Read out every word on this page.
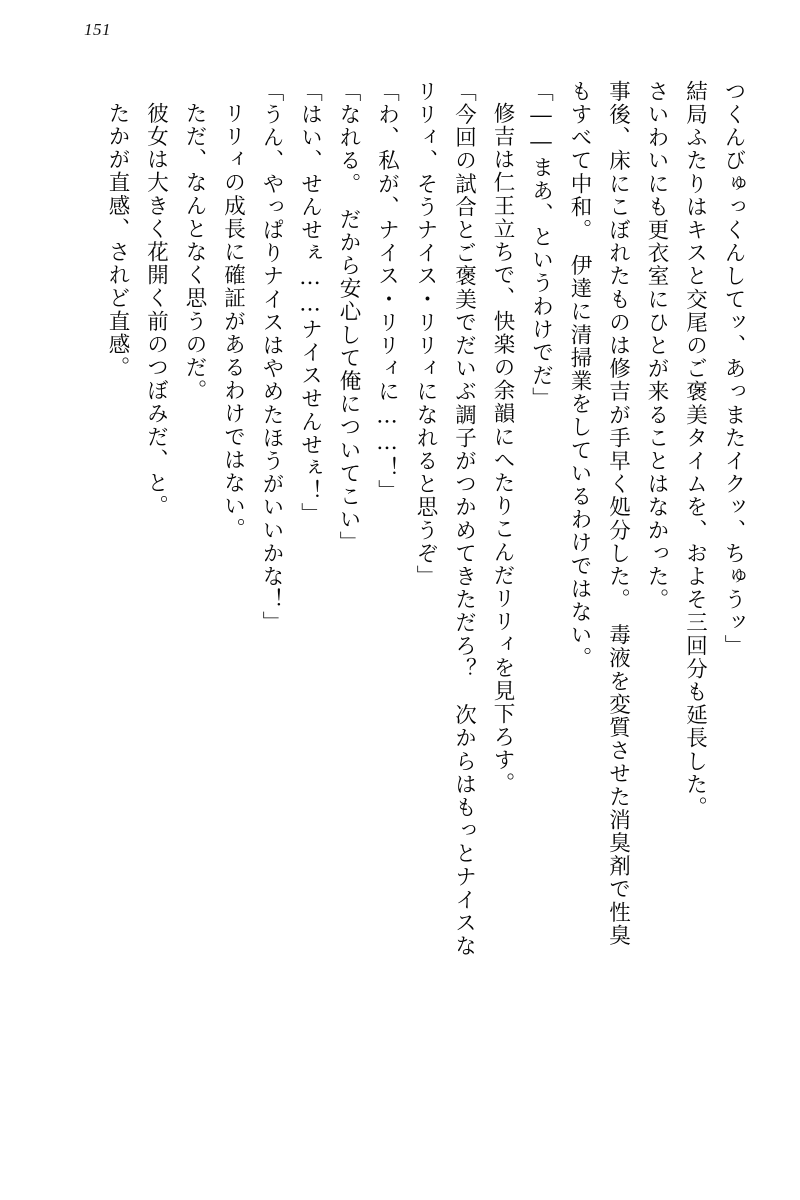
151

つくんびゅっくんしてッ、あっまたイクッ、ちゅうッ」

結局ふたりはキスと交尾のご褒美タイムを、およそ三回分も延長した。

さいわいにも更衣室にひとが来ることはなかった。

事後、床にこぼれたものは修吉が手早く処分した。　毒液を変質させた消臭剤で性臭

もすべて中和。　伊達に清掃業をしているわけではない。

「――まあ、というわけでだ」

修吉は仁王立ちで、快楽の余韻にへたりこんだリリィを見下ろす。

「今回の試合とご褒美でだいぶ調子がつかめてきただろ？　次からはもっとナイスな

リリィ、そうナイス・リリィになれると思うぞ」

「わ、私が、ナイス・リリィに……！」

「なれる。　だから安心して俺についてこい」

「はい、せんせぇ……ナイスせんせぇ！」

「うん、やっぱりナイスはやめたほうがいいかな！」

リリィの成長に確証があるわけではない。

ただ、なんとなく思うのだ。

彼女は大きく花開く前のつぼみだ、と。

たかが直感、されど直感。
